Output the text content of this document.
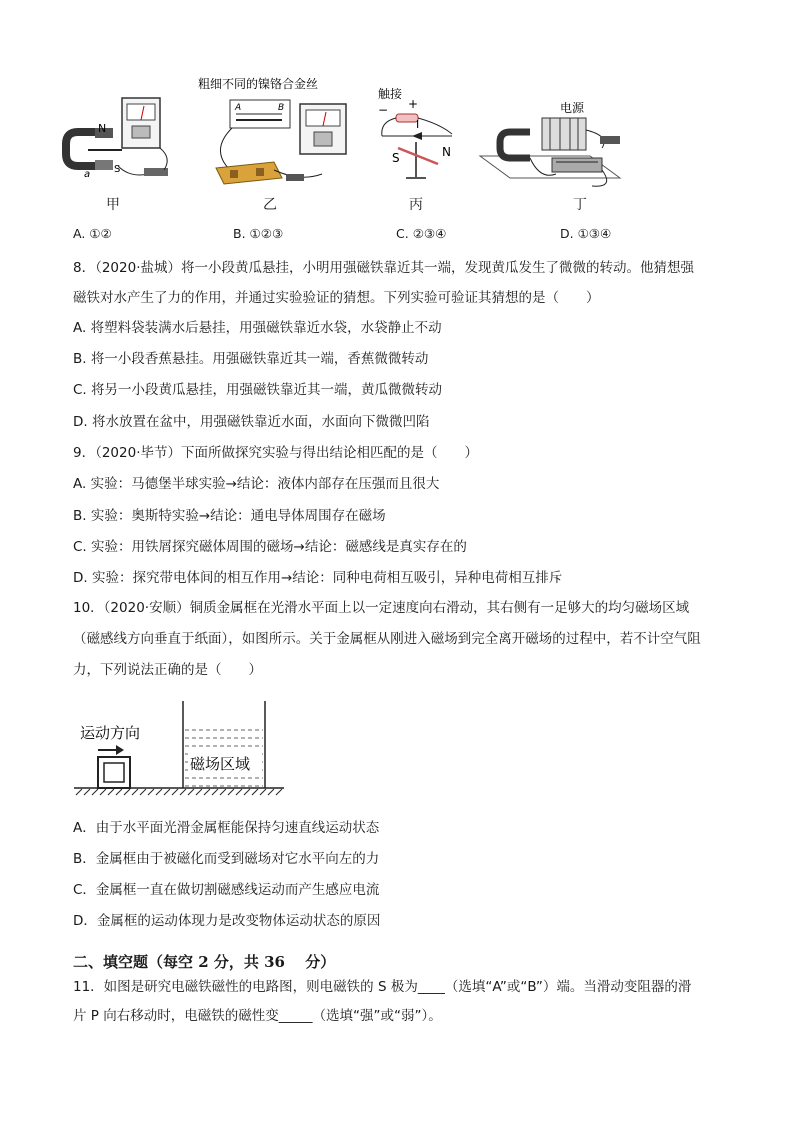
N
S
a
粗细不同的镍铬合金丝
A	B
触接
− +
I
S	N
电源
甲	乙	丙	丁
A. ①②	B. ①②③	C. ②③④	D. ①③④
8．（2020·盐城）将一小段黄瓜悬挂，小明用强磁铁靠近其一端，发现黄瓜发生了微微的转动。他猜想强
磁铁对水产生了力的作用，并通过实验验证的猜想。下列实验可验证其猜想的是（　　）
A. 将塑料袋装满水后悬挂，用强磁铁靠近水袋，水袋静止不动
B. 将一小段香蕉悬挂。用强磁铁靠近其一端，香蕉微微转动
C. 将另一小段黄瓜悬挂，用强磁铁靠近其一端，黄瓜微微转动
D. 将水放置在盆中，用强磁铁靠近水面，水面向下微微凹陷
9．（2020·毕节）下面所做探究实验与得出结论相匹配的是（　　）
A. 实验：马德堡半球实验→结论：液体内部存在压强而且很大
B. 实验：奥斯特实验→结论：通电导体周围存在磁场
C. 实验：用铁屑探究磁体周围的磁场→结论：磁感线是真实存在的
D. 实验：探究带电体间的相互作用→结论：同种电荷相互吸引，异种电荷相互排斥
10．（2020·安顺）铜质金属框在光滑水平面上以一定速度向右滑动，其右侧有一足够大的均匀磁场区域
（磁感线方向垂直于纸面），如图所示。关于金属框从刚进入磁场到完全离开磁场的过程中，若不计空气阻
力，下列说法正确的是（　　）
运动方向
磁场区域
A．由于水平面光滑金属框能保持匀速直线运动状态
B．金属框由于被磁化而受到磁场对它水平向左的力
C．金属框一直在做切割磁感线运动而产生感应电流
D．金属框的运动体现力是改变物体运动状态的原因
二、填空题（每空 2 分，共 36　 分）
11．如图是研究电磁铁磁性的电路图，则电磁铁的 S 极为____（选填“A”或“B”）端。当滑动变阻器的滑
片 P 向右移动时，电磁铁的磁性变_____（选填“强”或“弱”）。
